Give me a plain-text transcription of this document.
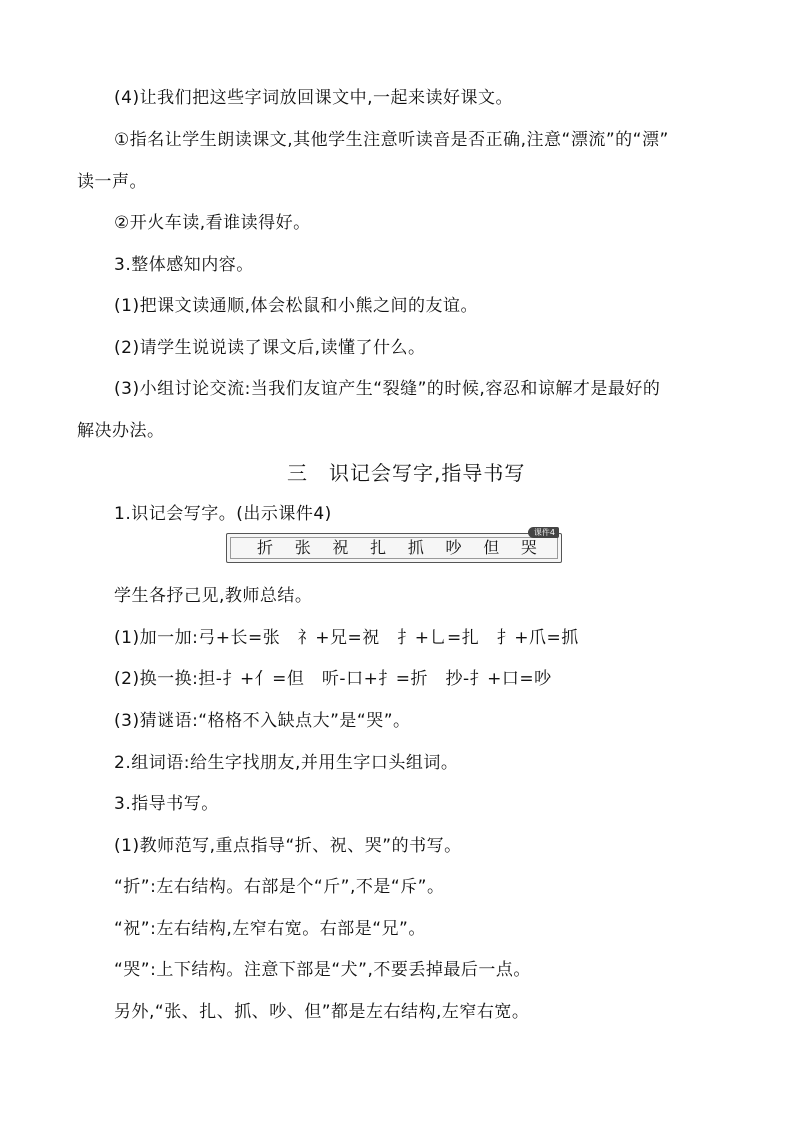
(4)让我们把这些字词放回课文中,一起来读好课文。
①指名让学生朗读课文,其他学生注意听读音是否正确,注意“漂流”的“漂”
读一声。
②开火车读,看谁读得好。
3.整体感知内容。
(1)把课文读通顺,体会松鼠和小熊之间的友谊。
(2)请学生说说读了课文后,读懂了什么。
(3)小组讨论交流:当我们友谊产生“裂缝”的时候,容忍和谅解才是最好的
解决办法。
三　识记会写字,指导书写
1.识记会写字。(出示课件4)
课件4
折 张 祝 扎 抓 吵 但 哭
学生各抒己见,教师总结。
(1)加一加:弓+长=张　礻+兄=祝　扌+乚=扎　扌+爪=抓
(2)换一换:担-扌+亻=但　听-口+扌=折　抄-扌+口=吵
(3)猜谜语:“格格不入缺点大”是“哭”。
2.组词语:给生字找朋友,并用生字口头组词。
3.指导书写。
(1)教师范写,重点指导“折、祝、哭”的书写。
“折”:左右结构。右部是个“斤”,不是“斥”。
“祝”:左右结构,左窄右宽。右部是“兄”。
“哭”:上下结构。注意下部是“犬”,不要丢掉最后一点。
另外,“张、扎、抓、吵、但”都是左右结构,左窄右宽。
